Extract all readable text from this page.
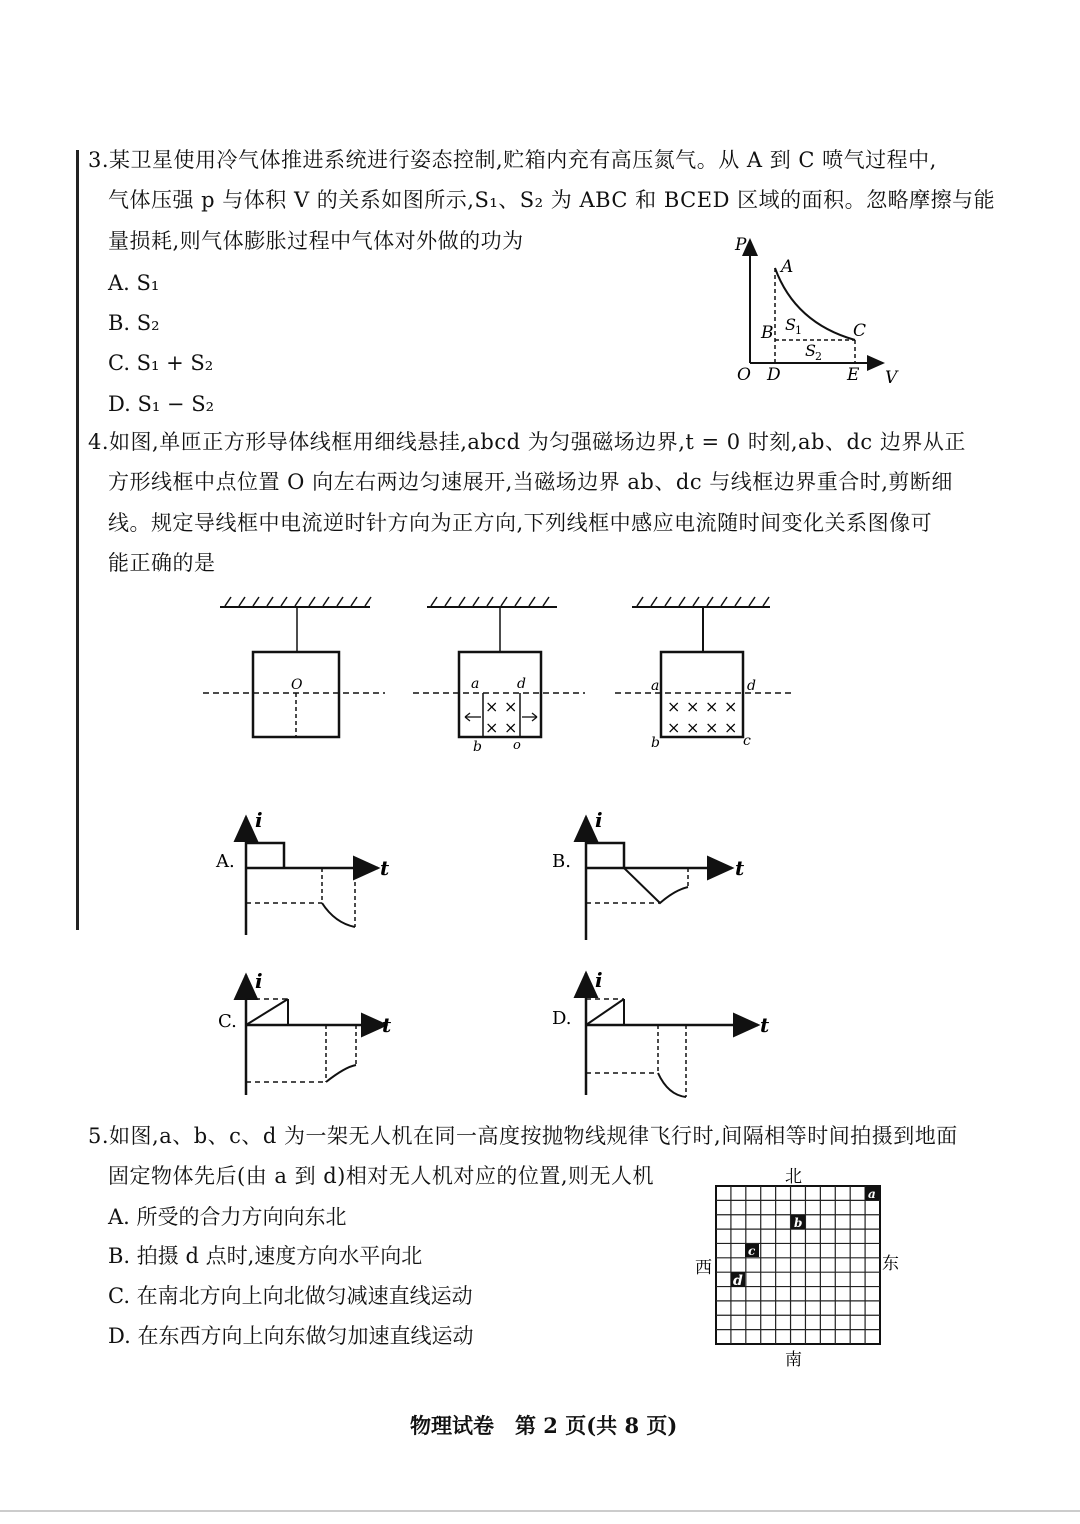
3.某卫星使用冷气体推进系统进行姿态控制,贮箱内充有高压氮气。从 A 到 C 喷气过程中,
气体压强 p 与体积 V 的关系如图所示,S₁、S₂ 为 ABC 和 BCED 区域的面积。忽略摩擦与能
量损耗,则气体膨胀过程中气体对外做的功为
A. S₁
B. S₂
C. S₁ + S₂
D. S₁ − S₂
P
V
O
A
B	C
D	E
S 1
S 2
4.如图,单匝正方形导体线框用细线悬挂,abcd 为匀强磁场边界,t = 0 时刻,ab、dc 边界从正
方形线框中点位置 O 向左右两边匀速展开,当磁场边界 ab、dc 与线框边界重合时,剪断细
线。规定导线框中电流逆时针方向为正方向,下列线框中感应电流随时间变化关系图像可
能正确的是
O
× ×
× ×
a	d
b o
× × × ×
× × × ×
a	d
b	c
i
t
A.
i
t
B.
i
t
C.
i
t
D.
5.如图,a、b、c、d 为一架无人机在同一高度按抛物线规律飞行时,间隔相等时间拍摄到地面
固定物体先后(由 a 到 d)相对无人机对应的位置,则无人机
A. 所受的合力方向向东北
B. 拍摄 d 点时,速度方向水平向北
C. 在南北方向上向北做匀减速直线运动
D. 在东西方向上向东做匀加速直线运动
a
b
c
d
北
南
西	东
物理试卷　第 2 页(共 8 页)
